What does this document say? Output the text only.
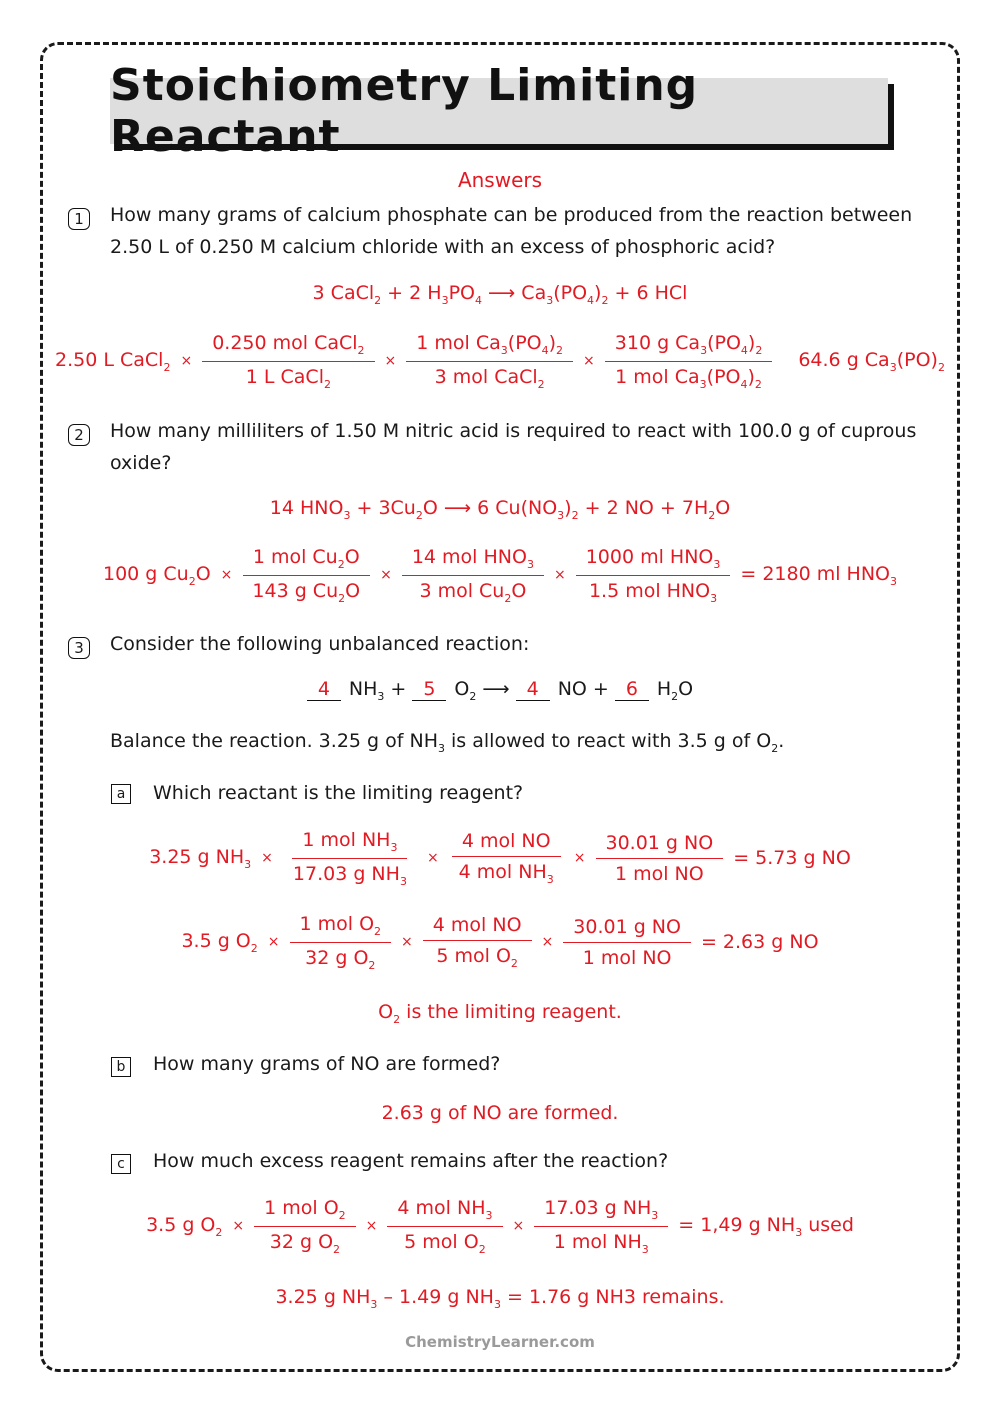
Stoichiometry Limiting Reactant
Answers
1	How many grams of calcium phosphate can be produced from the reaction between
2.50 L of 0.250 M calcium chloride with an excess of phosphoric acid?
3 CaCl$_2$ + 2 $H_3PO_4$ ⟶ $Ca_3(PO_4)_2 + 6$ HCl
2.50 L CaCl$_2$ × $\frac{0.250 mol CaCl_2}{1 L CaCl_2} \times \frac{1 mol Ca_3(PO_4)_2}{3 mol CaCl_2} \times \frac{310 g Ca_3(PO_4)_2}{1 mol Ca_3(PO_4)_2} 64.6$ g $Ca_3(PO)_2$
2	How many milliliters of 1.50 M nitric acid is required to react with 100.0 g of cuprous
oxide?
14 $HNO_3 + 3Cu_2O$ ⟶ 6 $Cu(NO_3)_2 + 2$ NO + $7H_2O$
100 g $Cu_2O \times \frac{1 mol Cu_2O}{143 g Cu_2O} \times \frac{14 mol HNO_3}{3 mol Cu_2O} \times \frac{1000 ml HNO_3}{1.5 mol HNO_3} = 2180$ ml $HNO_3$
3	Consider the following unbalanced reaction:
4 $NH_3 + 5$ $O_2$ ⟶ 4 NO + 6 $H_2O$
Balance the reaction. 3.25 g of $NH_3$ is allowed to react with 3.5 g of $O_2$.
a	Which reactant is the limiting reagent?
3.25 g $NH_3 \times \frac{1 mol NH_3}{17.03 g NH_3} \times \frac{\text{4 mol NO}}{4 mol NH_3} \times \frac{\text{30.01 g NO}}{\text{1 mol NO}} = 5.73$ g NO
3.5 g $O_2 \times \frac{1 mol O_2}{32 g O_2} \times \frac{\text{4 mol NO}}{5 mol O_2} \times \frac{\text{30.01 g NO}}{\text{1 mol NO}} = 2.63$ g NO
$O_2$ is the limiting reagent.
b How many grams of NO are formed?
2.63 g of NO are formed.
c	How much excess reagent remains after the reaction?
3.5 g $O_2 \times \frac{1 mol O_2}{32 g O_2} \times \frac{4 mol NH_3}{5 mol O_2} \times \frac{17.03 g NH_3}{1 mol NH_3} = 1,49$ g $NH_3$ used
3.25 g $NH_3 - 1.49$ g $NH_3 = 1.76$ g NH3 remains.
ChemistryLearner.com
